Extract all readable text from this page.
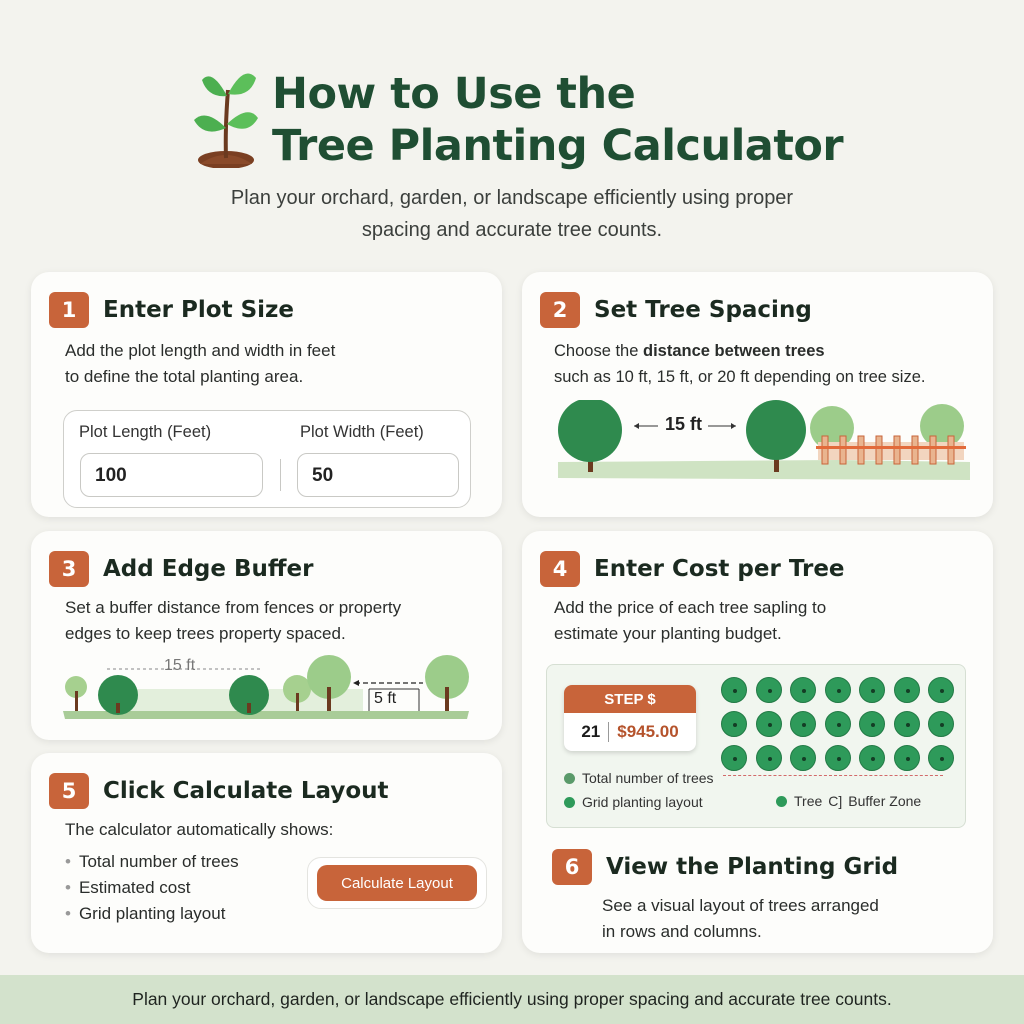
How to Use the
Tree Planting Calculator
Plan your orchard, garden, or landscape efficiently using proper
spacing and accurate tree counts.
1	Enter Plot Size
Add the plot length and width in feet
to define the total planting area.
Plot Length (Feet)	Plot Width (Feet)
100	50
2	Set Tree Spacing
Choose the distance between trees
such as 10 ft, 15 ft, or 20 ft depending on tree size.
15 ft
3	Add Edge Buffer
Set a buffer distance from fences or property
edges to keep trees property spaced.
15 ft
5 ft
4	Enter Cost per Tree
Add the price of each tree sapling to
estimate your planting budget.
STEP $
21 $945.00
Total number of trees
Grid planting layout	Tree C] Buffer Zone
6	View the Planting Grid
See a visual layout of trees arranged
in rows and columns.
5	Click Calculate Layout
The calculator automatically shows:
• Total number of trees
• Estimated cost
• Grid planting layout
Calculate Layout
Plan your orchard, garden, or landscape efficiently using proper spacing and accurate tree counts.
